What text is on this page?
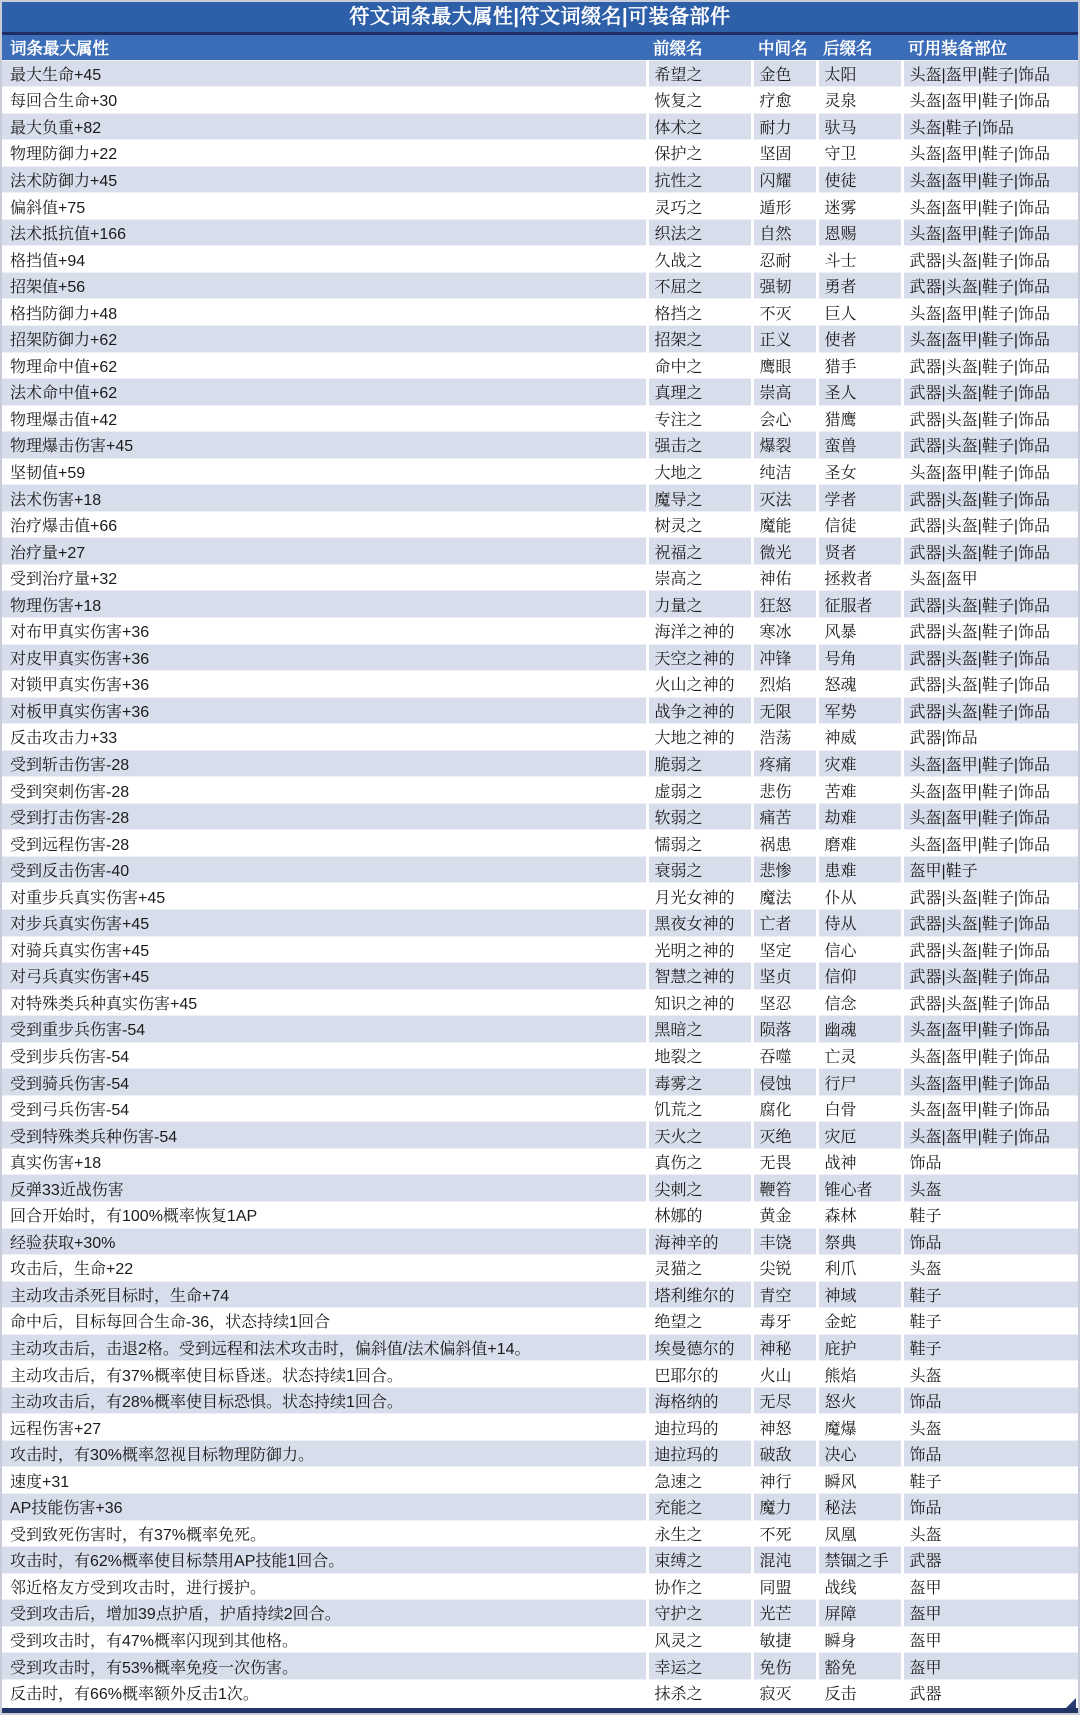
符文词条最大属性|符文词缀名|可装备部件
词条最大属性	前缀名	中间名	后缀名	可用装备部位
最大生命+45	希望之	金色	太阳	头盔|盔甲|鞋子|饰品
每回合生命+30	恢复之	疗愈	灵泉	头盔|盔甲|鞋子|饰品
最大负重+82	体术之	耐力	驮马	头盔|鞋子|饰品
物理防御力+22	保护之	坚固	守卫	头盔|盔甲|鞋子|饰品
法术防御力+45	抗性之	闪耀	使徒	头盔|盔甲|鞋子|饰品
偏斜值+75	灵巧之	遁形	迷雾	头盔|盔甲|鞋子|饰品
法术抵抗值+166	织法之	自然	恩赐	头盔|盔甲|鞋子|饰品
格挡值+94	久战之	忍耐	斗士	武器|头盔|鞋子|饰品
招架值+56	不屈之	强韧	勇者	武器|头盔|鞋子|饰品
格挡防御力+48	格挡之	不灭	巨人	头盔|盔甲|鞋子|饰品
招架防御力+62	招架之	正义	使者	头盔|盔甲|鞋子|饰品
物理命中值+62	命中之	鹰眼	猎手	武器|头盔|鞋子|饰品
法术命中值+62	真理之	崇高	圣人	武器|头盔|鞋子|饰品
物理爆击值+42	专注之	会心	猎鹰	武器|头盔|鞋子|饰品
物理爆击伤害+45	强击之	爆裂	蛮兽	武器|头盔|鞋子|饰品
坚韧值+59	大地之	纯洁	圣女	头盔|盔甲|鞋子|饰品
法术伤害+18	魔导之	灭法	学者	武器|头盔|鞋子|饰品
治疗爆击值+66	树灵之	魔能	信徒	武器|头盔|鞋子|饰品
治疗量+27	祝福之	微光	贤者	武器|头盔|鞋子|饰品
受到治疗量+32	崇高之	神佑	拯救者	头盔|盔甲
物理伤害+18	力量之	狂怒	征服者	武器|头盔|鞋子|饰品
对布甲真实伤害+36	海洋之神的	寒冰	风暴	武器|头盔|鞋子|饰品
对皮甲真实伤害+36	天空之神的	冲锋	号角	武器|头盔|鞋子|饰品
对锁甲真实伤害+36	火山之神的	烈焰	怒魂	武器|头盔|鞋子|饰品
对板甲真实伤害+36	战争之神的	无限	军势	武器|头盔|鞋子|饰品
反击攻击力+33	大地之神的	浩荡	神威	武器|饰品
受到斩击伤害-28	脆弱之	疼痛	灾难	头盔|盔甲|鞋子|饰品
受到突刺伤害-28	虚弱之	悲伤	苦难	头盔|盔甲|鞋子|饰品
受到打击伤害-28	软弱之	痛苦	劫难	头盔|盔甲|鞋子|饰品
受到远程伤害-28	懦弱之	祸患	磨难	头盔|盔甲|鞋子|饰品
受到反击伤害-40	衰弱之	悲惨	患难	盔甲|鞋子
对重步兵真实伤害+45	月光女神的	魔法	仆从	武器|头盔|鞋子|饰品
对步兵真实伤害+45	黑夜女神的	亡者	侍从	武器|头盔|鞋子|饰品
对骑兵真实伤害+45	光明之神的	坚定	信心	武器|头盔|鞋子|饰品
对弓兵真实伤害+45	智慧之神的	坚贞	信仰	武器|头盔|鞋子|饰品
对特殊类兵种真实伤害+45	知识之神的	坚忍	信念	武器|头盔|鞋子|饰品
受到重步兵伤害-54	黑暗之	陨落	幽魂	头盔|盔甲|鞋子|饰品
受到步兵伤害-54	地裂之	吞噬	亡灵	头盔|盔甲|鞋子|饰品
受到骑兵伤害-54	毒雾之	侵蚀	行尸	头盔|盔甲|鞋子|饰品
受到弓兵伤害-54	饥荒之	腐化	白骨	头盔|盔甲|鞋子|饰品
受到特殊类兵种伤害-54	天火之	灭绝	灾厄	头盔|盔甲|鞋子|饰品
真实伤害+18	真伤之	无畏	战神	饰品
反弹33近战伤害	尖刺之	鞭笞	锥心者	头盔
回合开始时，有100%概率恢复1AP	林娜的	黄金	森林	鞋子
经验获取+30%	海神辛的	丰饶	祭典	饰品
攻击后，生命+22	灵猫之	尖锐	利爪	头盔
主动攻击杀死目标时，生命+74	塔利维尔的	青空	神域	鞋子
命中后，目标每回合生命-36，状态持续1回合	绝望之	毒牙	金蛇	鞋子
主动攻击后，击退2格。受到远程和法术攻击时，偏斜值/法术偏斜值+14。	埃曼德尔的	神秘	庇护	鞋子
主动攻击后，有37%概率使目标昏迷。状态持续1回合。	巴耶尔的	火山	熊焰	头盔
主动攻击后，有28%概率使目标恐惧。状态持续1回合。	海格纳的	无尽	怒火	饰品
远程伤害+27	迪拉玛的	神怒	魔爆	头盔
攻击时，有30%概率忽视目标物理防御力。	迪拉玛的	破敌	决心	饰品
速度+31	急速之	神行	瞬风	鞋子
AP技能伤害+36	充能之	魔力	秘法	饰品
受到致死伤害时，有37%概率免死。	永生之	不死	凤凰	头盔
攻击时，有62%概率使目标禁用AP技能1回合。	束缚之	混沌	禁锢之手	武器
邻近格友方受到攻击时，进行援护。	协作之	同盟	战线	盔甲
受到攻击后，增加39点护盾，护盾持续2回合。	守护之	光芒	屏障	盔甲
受到攻击时，有47%概率闪现到其他格。	风灵之	敏捷	瞬身	盔甲
受到攻击时，有53%概率免疫一次伤害。	幸运之	免伤	豁免	盔甲
反击时，有66%概率额外反击1次。	抹杀之	寂灭	反击	武器
